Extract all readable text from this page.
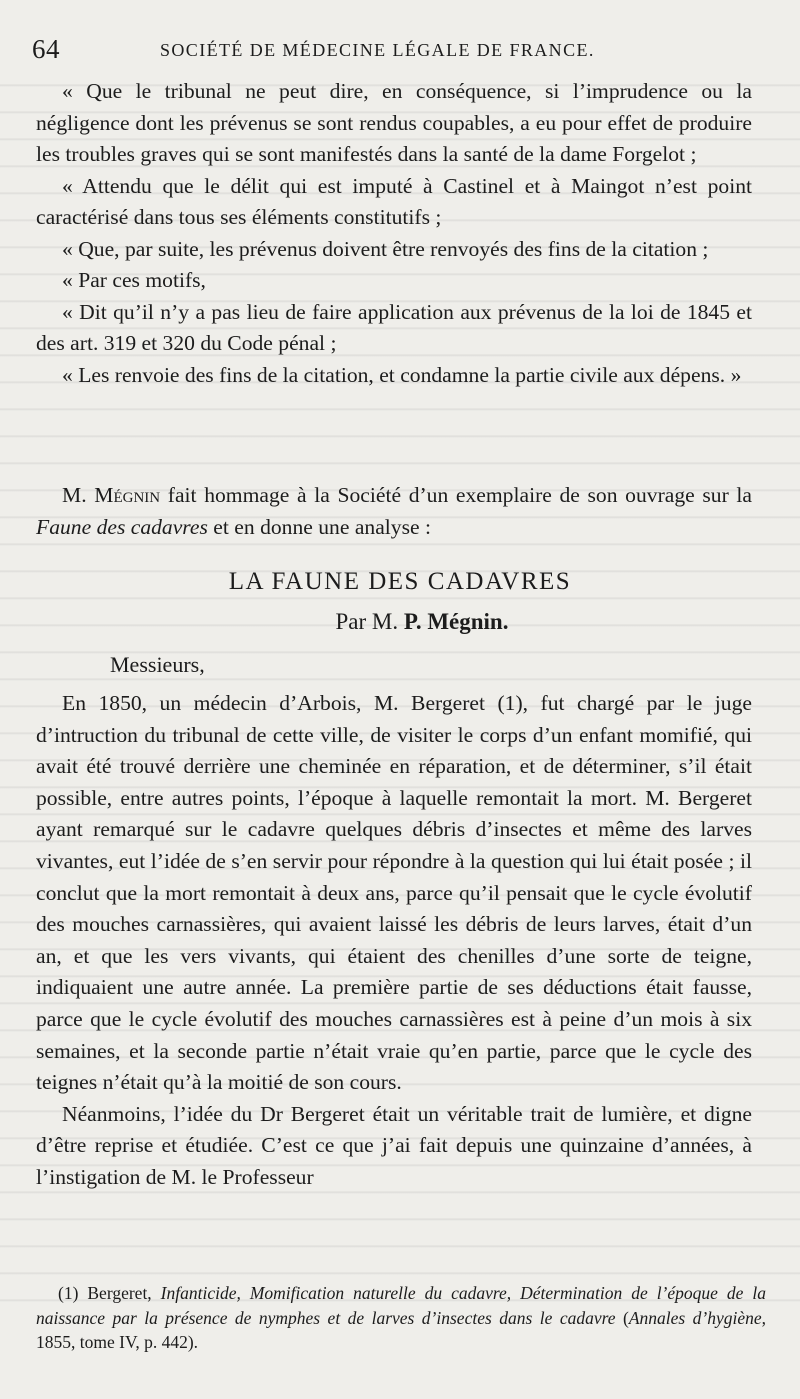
64	SOCIÉTÉ DE MÉDECINE LÉGALE DE FRANCE.

« Que le tribunal ne peut dire, en conséquence, si l’imprudence ou la négligence dont les prévenus se sont rendus coupables, a eu pour effet de produire les troubles graves qui se sont manifestés dans la santé de la dame Forgelot ;

« Attendu que le délit qui est imputé à Castinel et à Maingot n’est point caractérisé dans tous ses éléments constitutifs ;

« Que, par suite, les prévenus doivent être renvoyés des fins de la citation ;

« Par ces motifs,

« Dit qu’il n’y a pas lieu de faire application aux prévenus de la loi de 1845 et des art. 319 et 320 du Code pénal ;

« Les renvoie des fins de la citation, et condamne la partie civile aux dépens. »

M. Mégnin fait hommage à la Société d’un exemplaire de son ouvrage sur la Faune des cadavres et en donne une analyse :

LA FAUNE DES CADAVRES
Par M. P. Mégnin.
Messieurs,

En 1850, un médecin d’Arbois, M. Bergeret (1), fut chargé par le juge d’intruction du tribunal de cette ville, de visiter le corps d’un enfant momifié, qui avait été trouvé derrière une cheminée en réparation, et de déterminer, s’il était possible, entre autres points, l’époque à laquelle remontait la mort. M. Bergeret ayant remarqué sur le cadavre quelques débris d’insectes et même des larves vivantes, eut l’idée de s’en servir pour répondre à la question qui lui était posée ; il conclut que la mort remontait à deux ans, parce qu’il pensait que le cycle évolutif des mouches carnassières, qui avaient laissé les débris de leurs larves, était d’un an, et que les vers vivants, qui étaient des chenilles d’une sorte de teigne, indiquaient une autre année. La première partie de ses déductions était fausse, parce que le cycle évolutif des mouches carnassières est à peine d’un mois à six semaines, et la seconde partie n’était vraie qu’en partie, parce que le cycle des teignes n’était qu’à la moitié de son cours.

Néanmoins, l’idée du Dr Bergeret était un véritable trait de lumière, et digne d’être reprise et étudiée. C’est ce que j’ai fait depuis une quinzaine d’années, à l’instigation de M. le Professeur

(1) Bergeret, Infanticide, Momification naturelle du cadavre, Détermination de l’époque de la naissance par la présence de nymphes et de larves d’insectes dans le cadavre (Annales d’hygiène, 1855, tome IV, p. 442).
